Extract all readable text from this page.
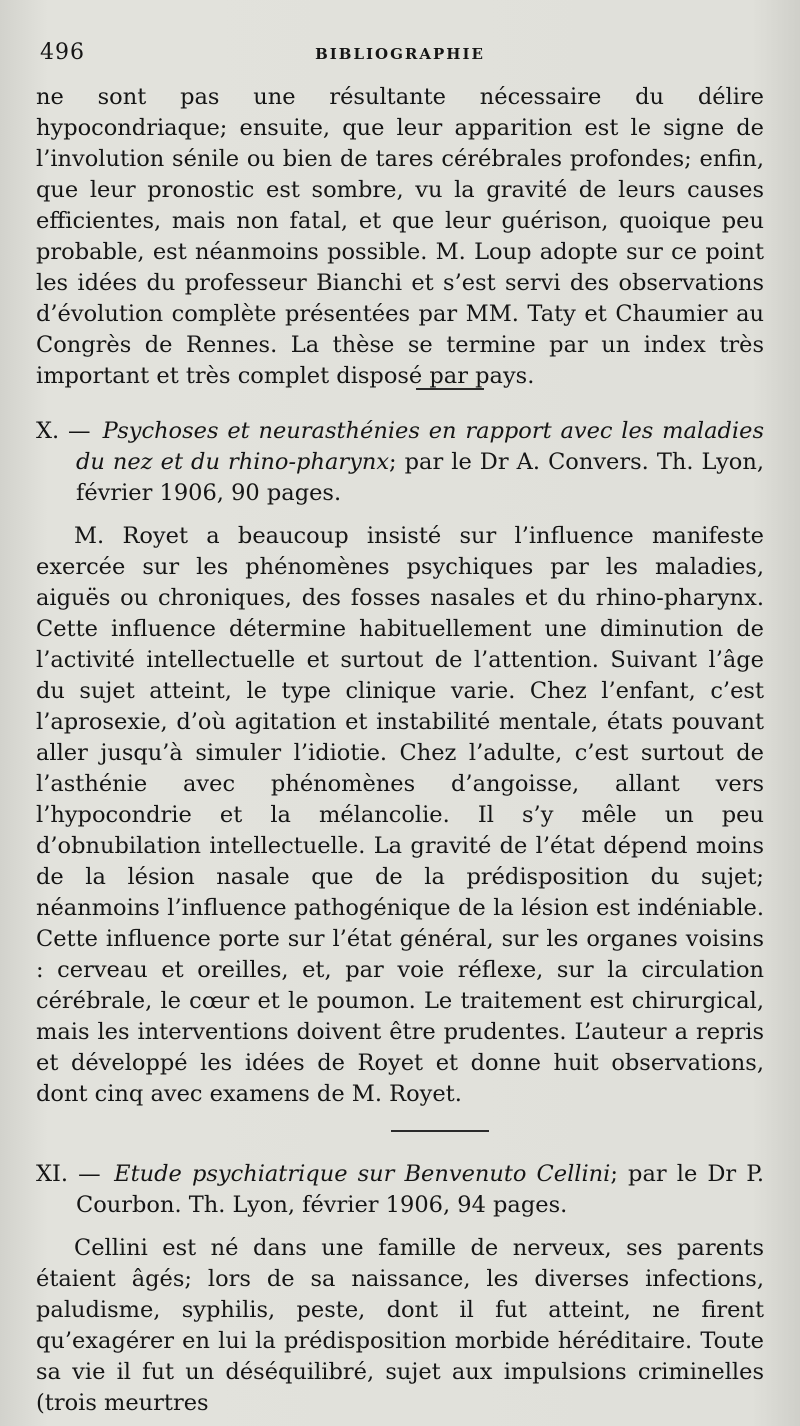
496	BIBLIOGRAPHIE

ne sont pas une résultante nécessaire du délire hypocondriaque; ensuite, que leur apparition est le signe de l’involution sénile ou bien de tares cérébrales profondes; enfin, que leur pronostic est sombre, vu la gravité de leurs causes efficientes, mais non fatal, et que leur guérison, quoique peu probable, est néanmoins possible. M. Loup adopte sur ce point les idées du professeur Bianchi et s’est servi des observations d’évolution complète présentées par MM. Taty et Chaumier au Congrès de Rennes. La thèse se termine par un index très important et très complet disposé par pays.

X. — Psychoses et neurasthénies en rapport avec les maladies du nez et du rhino-pharynx; par le Dr A. Convers. Th. Lyon, février 1906, 90 pages.

M. Royet a beaucoup insisté sur l’influence manifeste exercée sur les phénomènes psychiques par les maladies, aiguës ou chroniques, des fosses nasales et du rhino-pharynx. Cette influence détermine habituellement une diminution de l’activité intellectuelle et surtout de l’attention. Suivant l’âge du sujet atteint, le type clinique varie. Chez l’enfant, c’est l’aprosexie, d’où agitation et instabilité mentale, états pouvant aller jusqu’à simuler l’idiotie. Chez l’adulte, c’est surtout de l’asthénie avec phénomènes d’angoisse, allant vers l’hypocondrie et la mélancolie. Il s’y mêle un peu d’obnubilation intellectuelle. La gravité de l’état dépend moins de la lésion nasale que de la prédisposition du sujet; néanmoins l’influence pathogénique de la lésion est indéniable. Cette influence porte sur l’état général, sur les organes voisins : cerveau et oreilles, et, par voie réflexe, sur la circulation cérébrale, le cœur et le poumon. Le traitement est chirurgical, mais les interventions doivent être prudentes. L’auteur a repris et développé les idées de Royet et donne huit observations, dont cinq avec examens de M. Royet.

XI. — Etude psychiatrique sur Benvenuto Cellini; par le Dr P. Courbon. Th. Lyon, février 1906, 94 pages.

Cellini est né dans une famille de nerveux, ses parents étaient âgés; lors de sa naissance, les diverses infections, paludisme, syphilis, peste, dont il fut atteint, ne firent qu’exagérer en lui la prédisposition morbide héréditaire. Toute sa vie il fut un déséquilibré, sujet aux impulsions criminelles (trois meurtres
